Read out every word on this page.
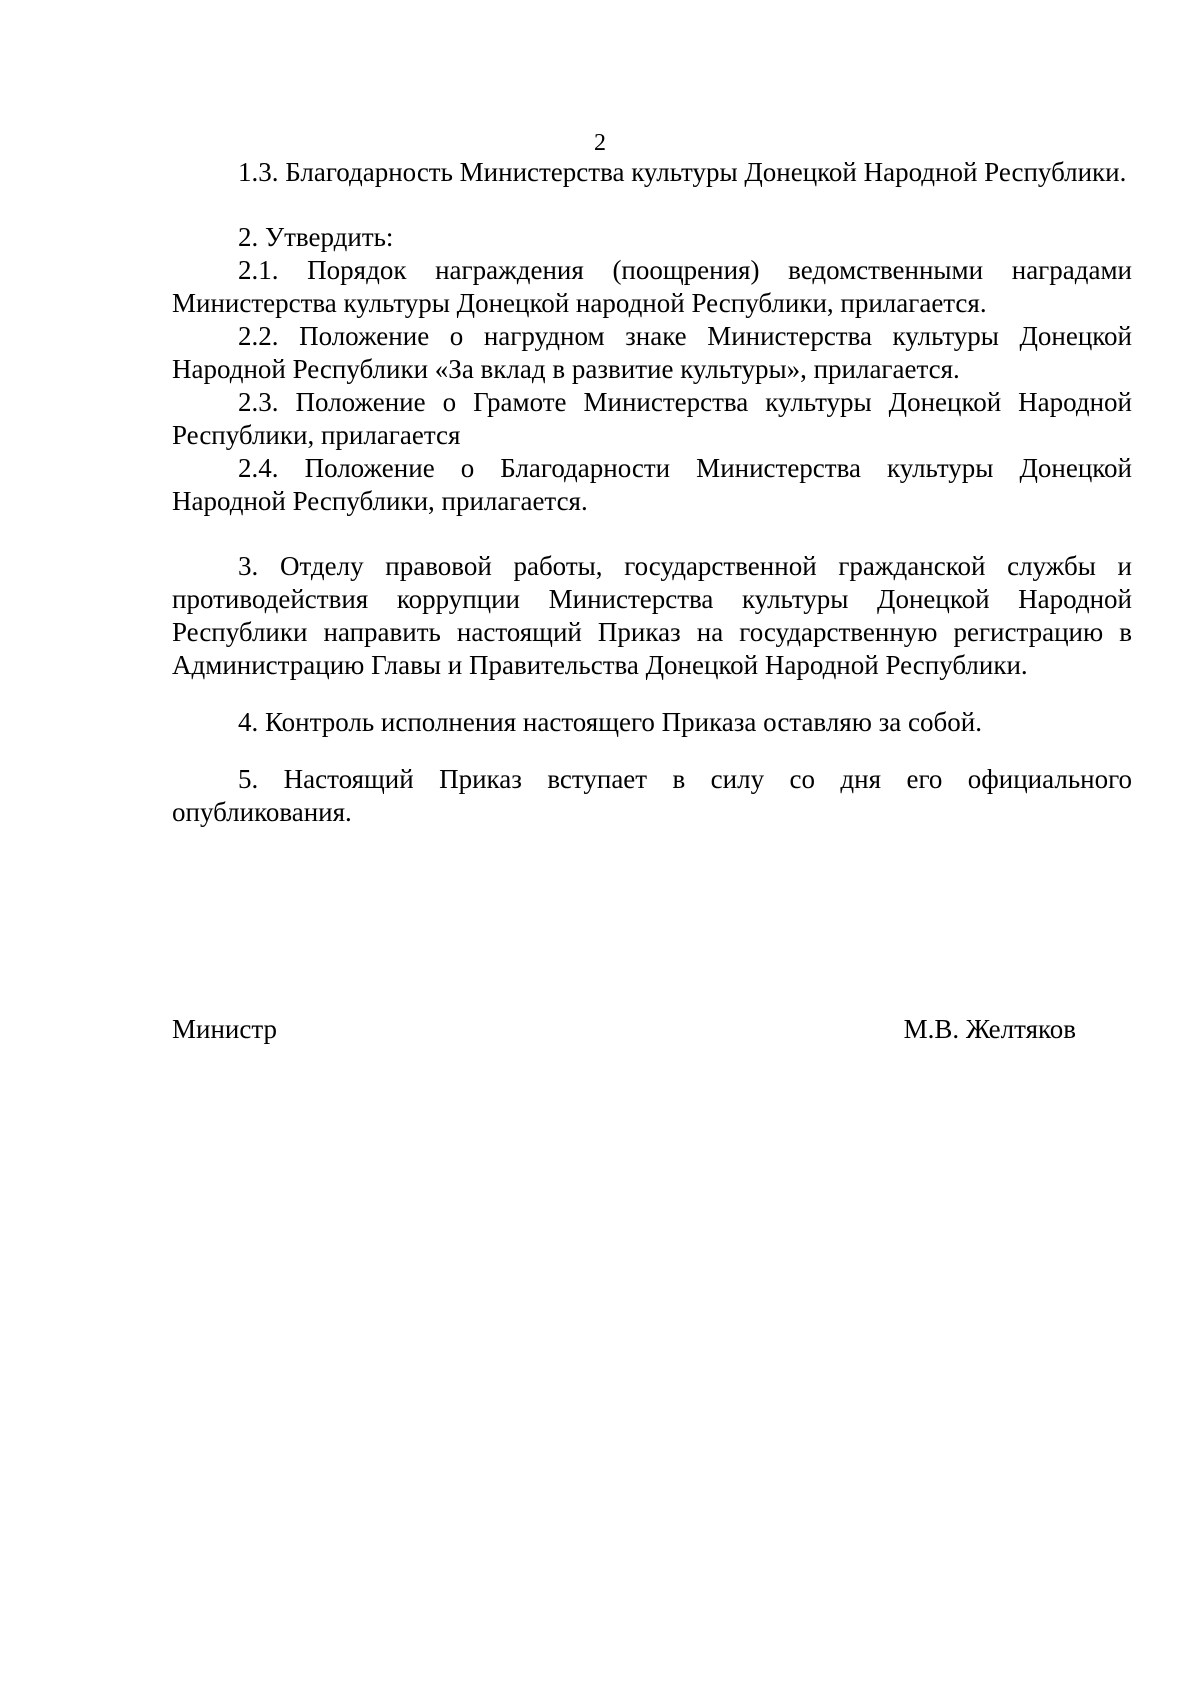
2

1.3. Благодарность Министерства культуры Донецкой Народной Республики.

2. Утвердить:

2.1. Порядок награждения (поощрения) ведомственными наградами Министерства культуры Донецкой народной Республики, прилагается.

2.2. Положение о нагрудном знаке Министерства культуры Донецкой Народной Республики «За вклад в развитие культуры», прилагается.

2.3. Положение о Грамоте Министерства культуры Донецкой Народной Республики, прилагается

2.4. Положение о Благодарности Министерства культуры Донецкой Народной Республики, прилагается.

3. Отделу правовой работы, государственной гражданской службы и противодействия коррупции Министерства культуры Донецкой Народной Республики направить настоящий Приказ на государственную регистрацию в Администрацию Главы и Правительства Донецкой Народной Республики.

4. Контроль исполнения настоящего Приказа оставляю за собой.

5. Настоящий Приказ вступает в силу со дня его официального опубликования.

Министр	М.В. Желтяков
